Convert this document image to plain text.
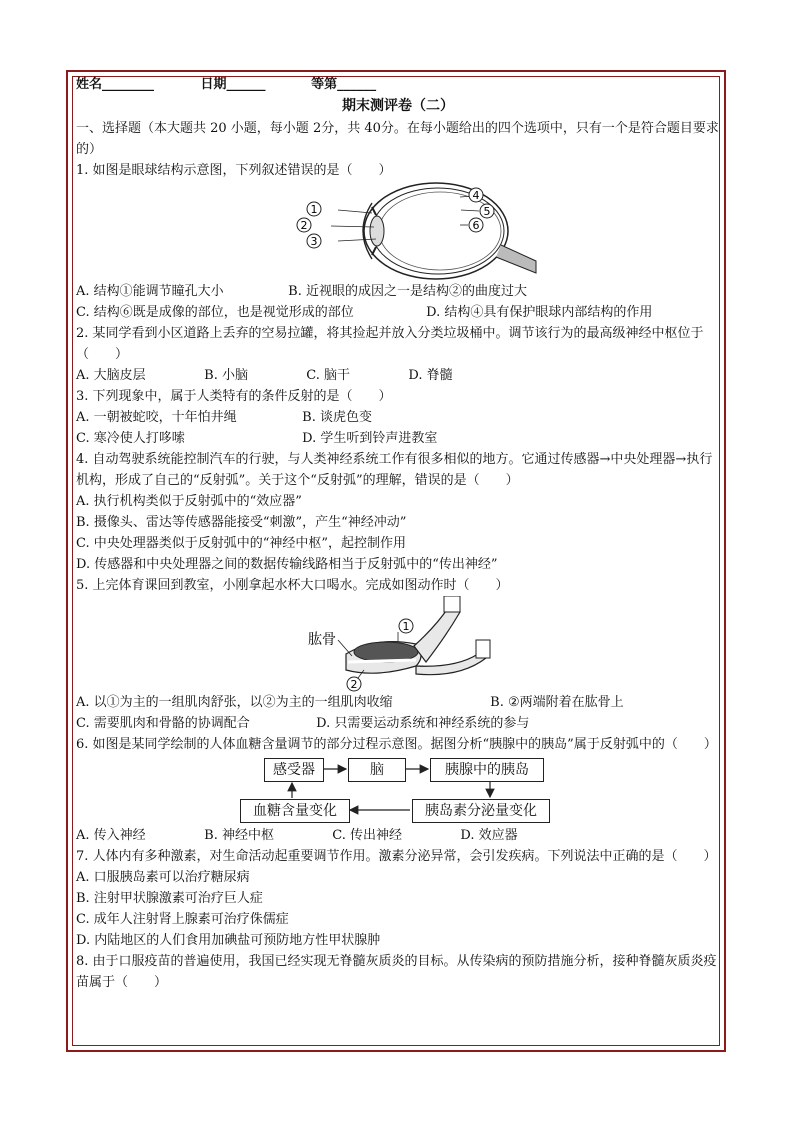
姓名________	日期______	等第______
期末测评卷（二）
一、选择题（本大题共 20 小题，每小题 2分，共 40分。在每小题给出的四个选项中，只有一个是符合题目要求的）
1. 如图是眼球结构示意图，下列叙述错误的是（　　）
1
2
3
4
5
6
A. 结构①能调节瞳孔大小	B. 近视眼的成因之一是结构②的曲度过大
C. 结构⑥既是成像的部位，也是视觉形成的部位	D. 结构④具有保护眼球内部结构的作用
2. 某同学看到小区道路上丢弃的空易拉罐，将其捡起并放入分类垃圾桶中。调节该行为的最高级神经中枢位于（　　）
A. 大脑皮层	B. 小脑	C. 脑干	D. 脊髓
3. 下列现象中，属于人类特有的条件反射的是（　　）
A. 一朝被蛇咬，十年怕井绳	B. 谈虎色变
C. 寒冷使人打哆嗦	D. 学生听到铃声进教室
4. 自动驾驶系统能控制汽车的行驶，与人类神经系统工作有很多相似的地方。它通过传感器→中央处理器→执行机构，形成了自己的“反射弧”。关于这个“反射弧”的理解，错误的是（　　）
A. 执行机构类似于反射弧中的“效应器”
B. 摄像头、雷达等传感器能接受“刺激”，产生“神经冲动”
C. 中央处理器类似于反射弧中的“神经中枢”，起控制作用
D. 传感器和中央处理器之间的数据传输线路相当于反射弧中的“传出神经”
5. 上完体育课回到教室，小刚拿起水杯大口喝水。完成如图动作时（　　）
肱骨
1
2
A. 以①为主的一组肌肉舒张，以②为主的一组肌肉收缩	B. ②两端附着在肱骨上
C. 需要肌肉和骨骼的协调配合	D. 只需要运动系统和神经系统的参与
6. 如图是某同学绘制的人体血糖含量调节的部分过程示意图。据图分析“胰腺中的胰岛”属于反射弧中的（　　）
感受器	脑	胰腺中的胰岛
胰岛素分泌量变化
血糖含量变化
A. 传入神经	B. 神经中枢	C. 传出神经	D. 效应器
7. 人体内有多种激素，对生命活动起重要调节作用。激素分泌异常，会引发疾病。下列说法中正确的是（　　）
A. 口服胰岛素可以治疗糖尿病
B. 注射甲状腺激素可治疗巨人症
C. 成年人注射肾上腺素可治疗侏儒症
D. 内陆地区的人们食用加碘盐可预防地方性甲状腺肿
8. 由于口服疫苗的普遍使用，我国已经实现无脊髓灰质炎的目标。从传染病的预防措施分析，接种脊髓灰质炎疫苗属于（　　）
